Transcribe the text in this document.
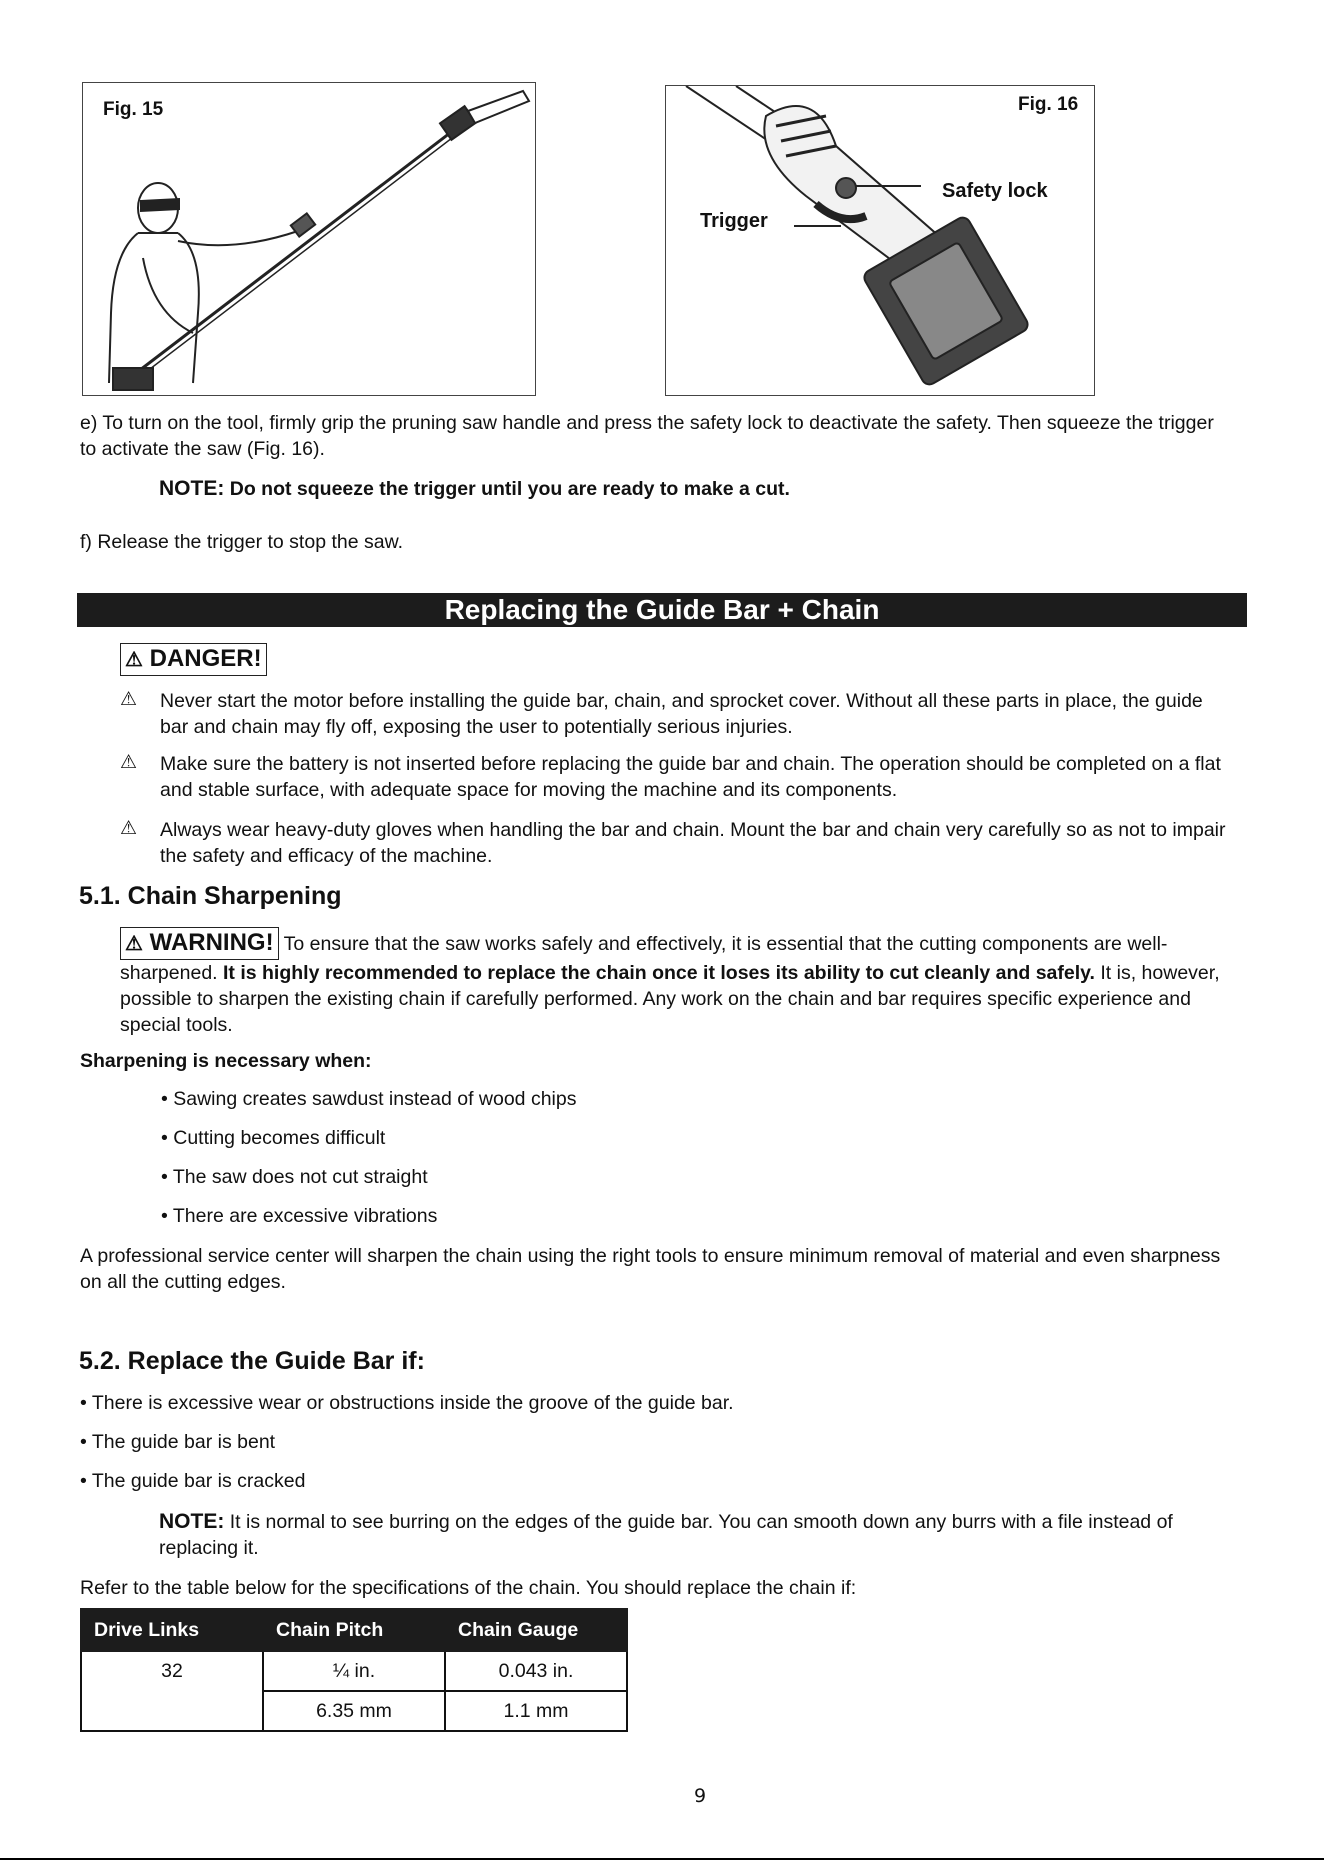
Fig. 15	Fig. 16
Safety lock
Trigger
e) To turn on the tool, firmly grip the pruning saw handle and press the safety lock to deactivate the safety. Then squeeze the trigger to activate the saw (Fig. 16).
NOTE: Do not squeeze the trigger until you are ready to make a cut.
f) Release the trigger to stop the saw.
Replacing the Guide Bar + Chain
⚠ DANGER!
⚠ Never start the motor before installing the guide bar, chain, and sprocket cover. Without all these parts in place, the guide bar and chain may fly off, exposing the user to potentially serious injuries.
⚠ Make sure the battery is not inserted before replacing the guide bar and chain. The operation should be completed on a flat and stable surface, with adequate space for moving the machine and its components.
⚠ Always wear heavy-duty gloves when handling the bar and chain. Mount the bar and chain very carefully so as not to impair the safety and efficacy of the machine.
5.1. Chain Sharpening
⚠ WARNING! To ensure that the saw works safely and effectively, it is essential that the cutting components are well-sharpened. It is highly recommended to replace the chain once it loses its ability to cut cleanly and safely. It is, however, possible to sharpen the existing chain if carefully performed. Any work on the chain and bar requires specific experience and special tools.
Sharpening is necessary when:
• Sawing creates sawdust instead of wood chips
• Cutting becomes difficult
• The saw does not cut straight
• There are excessive vibrations
A professional service center will sharpen the chain using the right tools to ensure minimum removal of material and even sharpness on all the cutting edges.
5.2. Replace the Guide Bar if:
• There is excessive wear or obstructions inside the groove of the guide bar.
• The guide bar is bent
• The guide bar is cracked
NOTE: It is normal to see burring on the edges of the guide bar. You can smooth down any burrs with a file instead of replacing it.
Refer to the table below for the specifications of the chain. You should replace the chain if:
Drive Links	Chain Pitch	Chain Gauge
32	¼ in.	0.043 in.
	6.35 mm	1.1 mm
9
